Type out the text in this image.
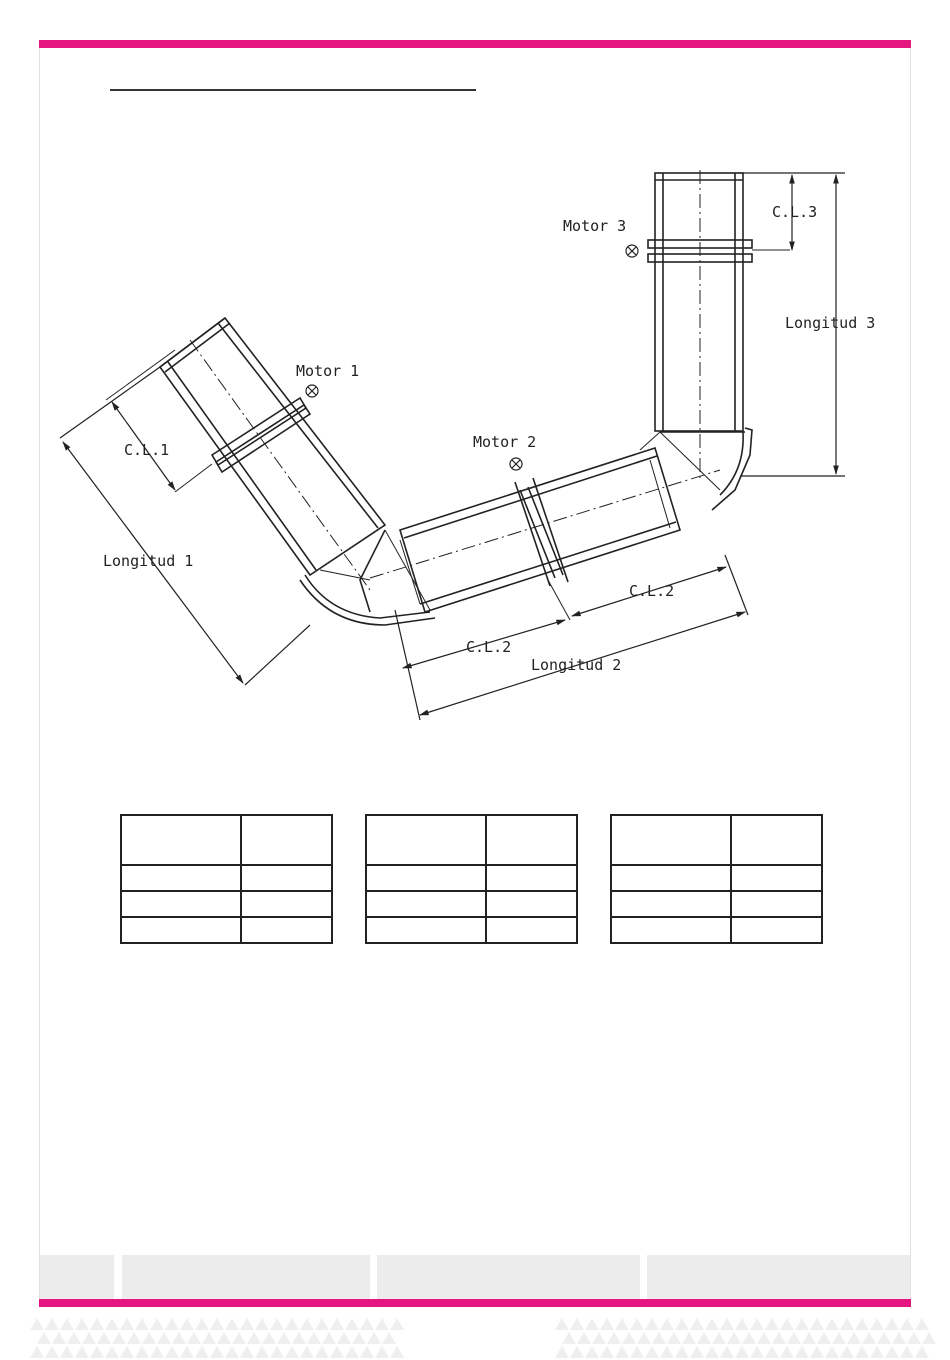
Motor 1
Motor 2
Motor 3
C.L.1
Longitud 1
C.L.3
Longitud 3
C.L.2
C.L.2
Longitud 2
